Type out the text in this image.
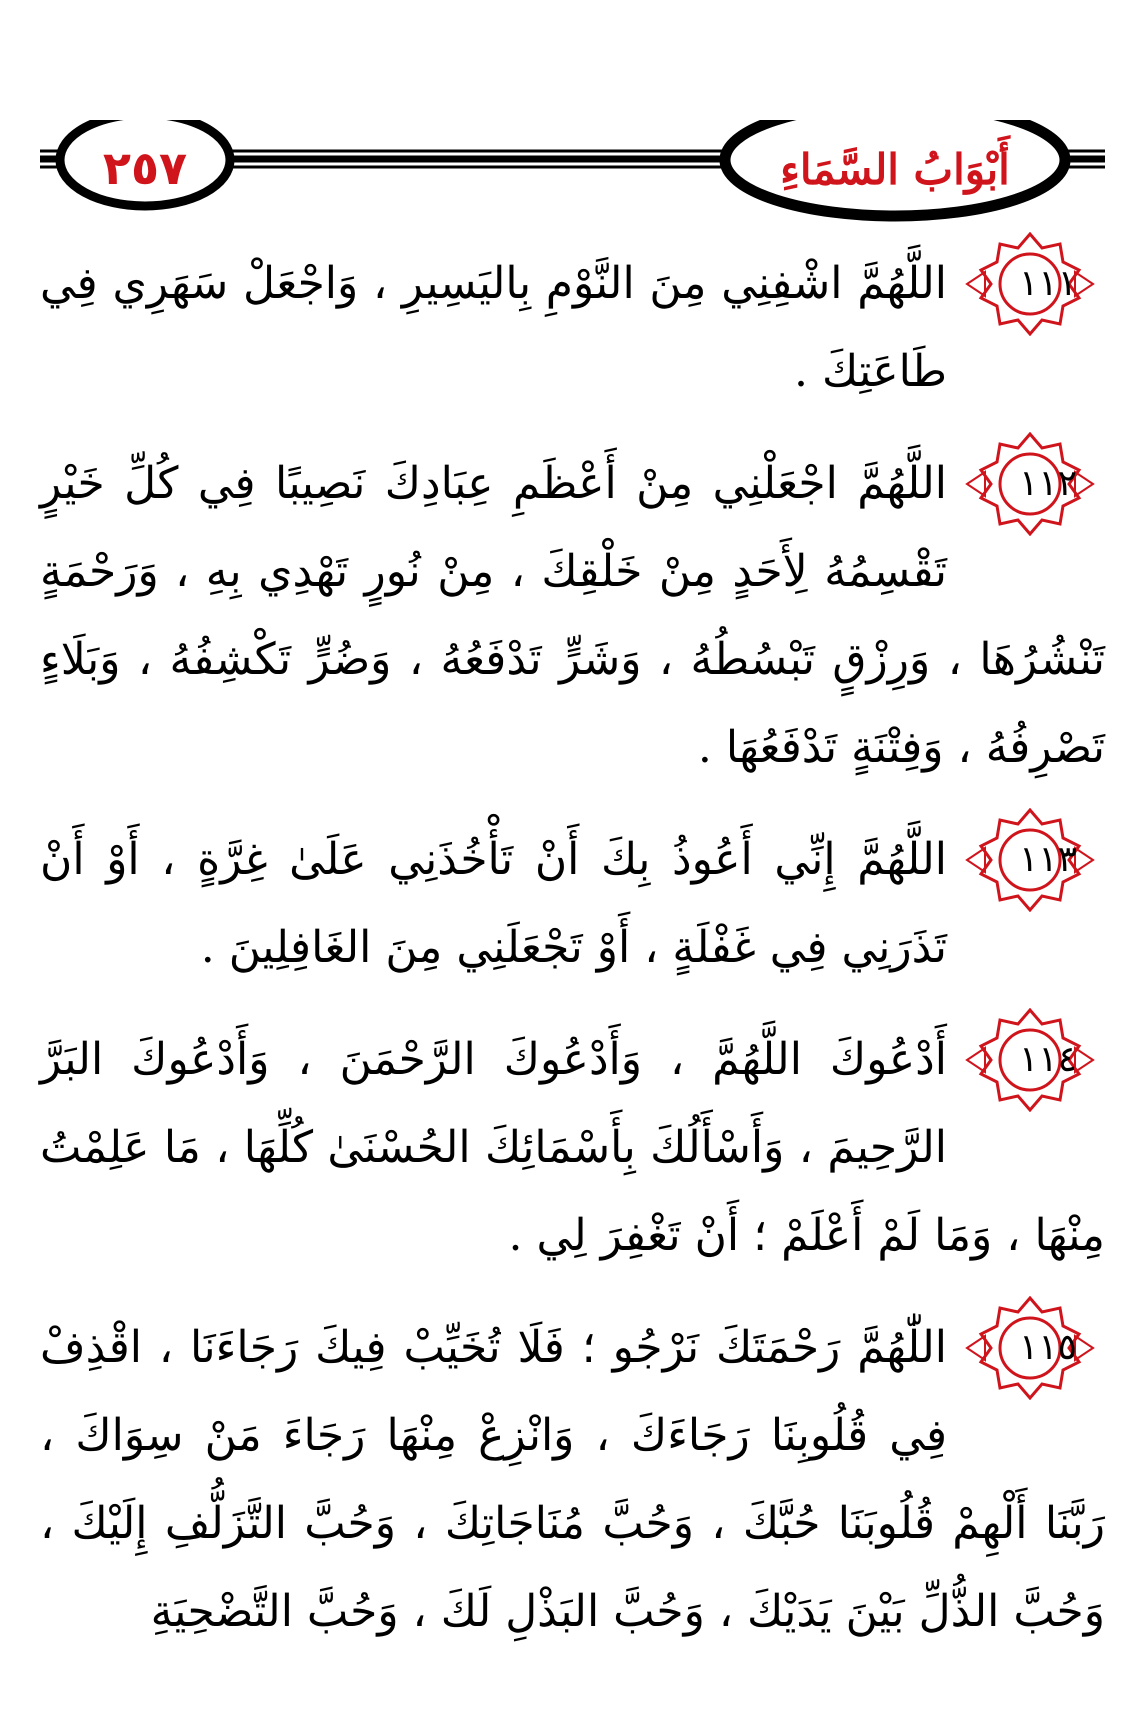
٢٥٧	أَبْوَابُ السَّمَاءِ

١١١
اللَّهُمَّ اشْفِنِي مِنَ النَّوْمِ بِاليَسِيرِ ، وَاجْعَلْ سَهَرِي فِي طَاعَتِكَ .

١١٢
اللَّهُمَّ اجْعَلْنِي مِنْ أَعْظَمِ عِبَادِكَ نَصِيبًا فِي كُلِّ خَيْرٍ تَقْسِمُهُ لِأَحَدٍ مِنْ خَلْقِكَ ، مِنْ نُورٍ تَهْدِي بِهِ ، وَرَحْمَةٍ تَنْشُرُهَا ، وَرِزْقٍ تَبْسُطُهُ ، وَشَرٍّ تَدْفَعُهُ ، وَضُرٍّ تَكْشِفُهُ ، وَبَلَاءٍ تَصْرِفُهُ ، وَفِتْنَةٍ تَدْفَعُهَا .

١١٣
اللَّهُمَّ إِنِّي أَعُوذُ بِكَ أَنْ تَأْخُذَنِي عَلَىٰ غِرَّةٍ ، أَوْ أَنْ تَذَرَنِي فِي غَفْلَةٍ ، أَوْ تَجْعَلَنِي مِنَ الغَافِلِينَ .

١١٤
أَدْعُوكَ اللَّهُمَّ ، وَأَدْعُوكَ الرَّحْمَنَ ، وَأَدْعُوكَ البَرَّ الرَّحِيمَ ، وَأَسْأَلُكَ بِأَسْمَائِكَ الحُسْنَىٰ كُلِّهَا ، مَا عَلِمْتُ مِنْهَا ، وَمَا لَمْ أَعْلَمْ ؛ أَنْ تَغْفِرَ لِي .

١١٥
اللّٰهُمَّ رَحْمَتَكَ نَرْجُو ؛ فَلَا تُخَيِّبْ فِيكَ رَجَاءَنَا ، اقْذِفْ فِي قُلُوبِنَا رَجَاءَكَ ، وَانْزِعْ مِنْهَا رَجَاءَ مَنْ سِوَاكَ ، رَبَّنَا أَلْهِمْ قُلُوبَنَا حُبَّكَ ، وَحُبَّ مُنَاجَاتِكَ ، وَحُبَّ التَّزَلُّفِ إِلَيْكَ ، وَحُبَّ الذُّلِّ بَيْنَ يَدَيْكَ ، وَحُبَّ البَذْلِ لَكَ ، وَحُبَّ التَّضْحِيَةِ
